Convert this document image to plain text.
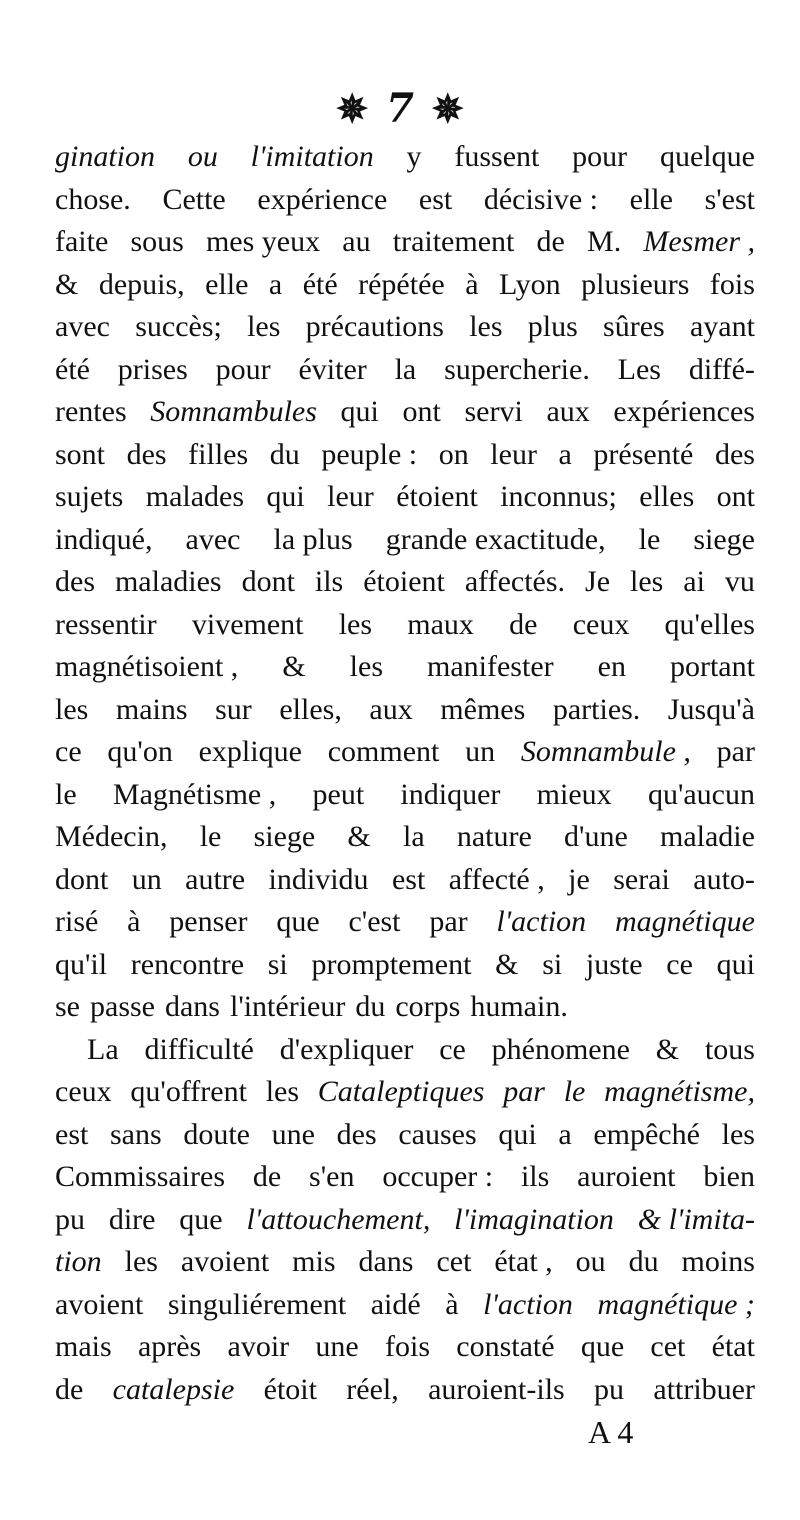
✵ 7 ✵
gination ou l'imitation y fussent pour quelque
chose. Cette expérience est décisive : elle s'est
faite sous mes yeux au traitement de M. Mesmer ,
& depuis, elle a été répétée à Lyon plusieurs fois
avec succès; les précautions les plus sûres ayant
été prises pour éviter la supercherie. Les diffé-
rentes Somnambules qui ont servi aux expériences
sont des filles du peuple : on leur a présenté des
sujets malades qui leur étoient inconnus; elles ont
indiqué, avec la plus grande exactitude, le siege
des maladies dont ils étoient affectés. Je les ai vu
ressentir vivement les maux de ceux qu'elles
magnétisoient , & les manifester en portant
les mains sur elles, aux mêmes parties. Jusqu'à
ce qu'on explique comment un Somnambule , par
le Magnétisme , peut indiquer mieux qu'aucun
Médecin, le siege & la nature d'une maladie
dont un autre individu est affecté , je serai auto-
risé à penser que c'est par l'action magnétique
qu'il rencontre si promptement & si juste ce qui
se passe dans l'intérieur du corps humain.
La difficulté d'expliquer ce phénomene & tous
ceux qu'offrent les Cataleptiques par le magnétisme,
est sans doute une des causes qui a empêché les
Commissaires de s'en occuper : ils auroient bien
pu dire que l'attouchement, l'imagination & l'imita-
tion les avoient mis dans cet état , ou du moins
avoient singuliérement aidé à l'action magnétique ;
mais après avoir une fois constaté que cet état
de catalepsie étoit réel, auroient-ils pu attribuer
A 4
